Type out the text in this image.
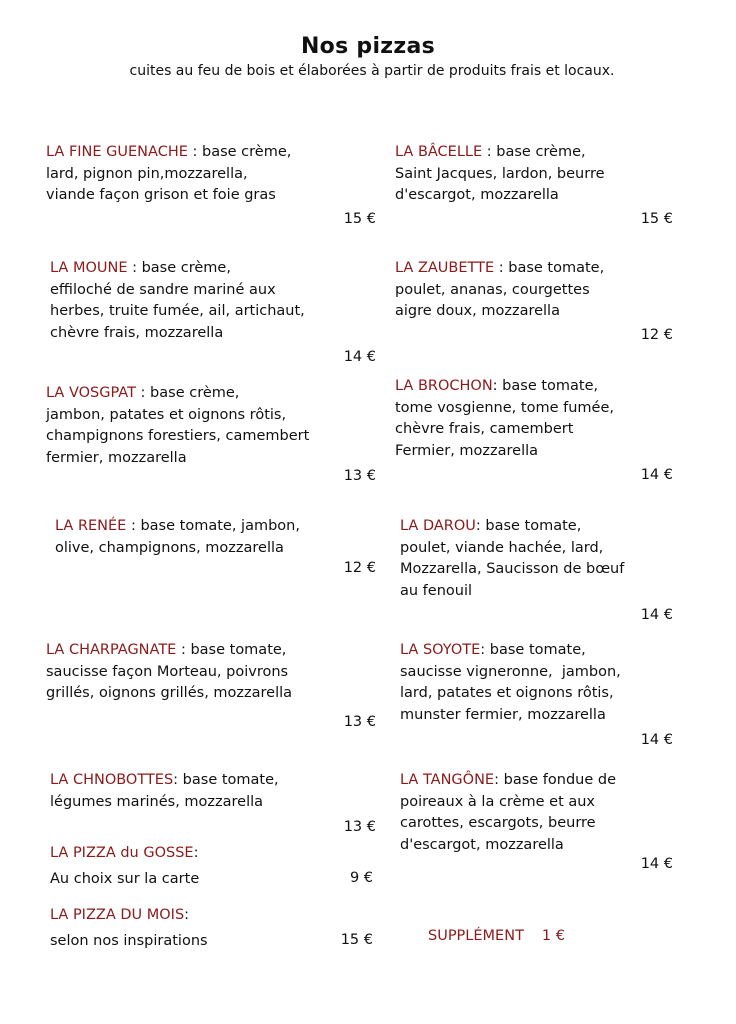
Nos pizzas
cuites au feu de bois et élaborées à partir de produits frais et locaux.
LA FINE GUENACHE : base crème,
lard, pignon pin,mozzarella,
viande façon grison et foie gras
15 €
LA BÂCELLE : base crème,
Saint Jacques, lardon, beurre
d'escargot, mozzarella
15 €
LA MOUNE : base crème,
effiloché de sandre mariné aux
herbes, truite fumée, ail, artichaut,
chèvre frais, mozzarella
14 €
LA ZAUBETTE : base tomate,
poulet, ananas, courgettes
aigre doux, mozzarella
12 €
LA VOSGPAT : base crème,
jambon, patates et oignons rôtis,
champignons forestiers, camembert
fermier, mozzarella
13 €
LA BROCHON: base tomate,
tome vosgienne, tome fumée,
chèvre frais, camembert
Fermier, mozzarella
14 €
LA RENÉE : base tomate, jambon,
olive, champignons, mozzarella
12 €
LA DAROU: base tomate,
poulet, viande hachée, lard,
Mozzarella, Saucisson de bœuf
au fenouil
14 €
LA CHARPAGNATE : base tomate,
saucisse façon Morteau, poivrons
grillés, oignons grillés, mozzarella
13 €
LA SOYOTE: base tomate,
saucisse vigneronne,  jambon,
lard, patates et oignons rôtis,
munster fermier, mozzarella
14 €
LA CHNOBOTTES: base tomate,
légumes marinés, mozzarella
13 €
LA TANGÔNE: base fondue de
poireaux à la crème et aux
carottes, escargots, beurre
d'escargot, mozzarella
14 €
LA PIZZA du GOSSE:
Au choix sur la carte	9 €
LA PIZZA DU MOIS:
selon nos inspirations	15 €	SUPPLÉMENT 1 €
